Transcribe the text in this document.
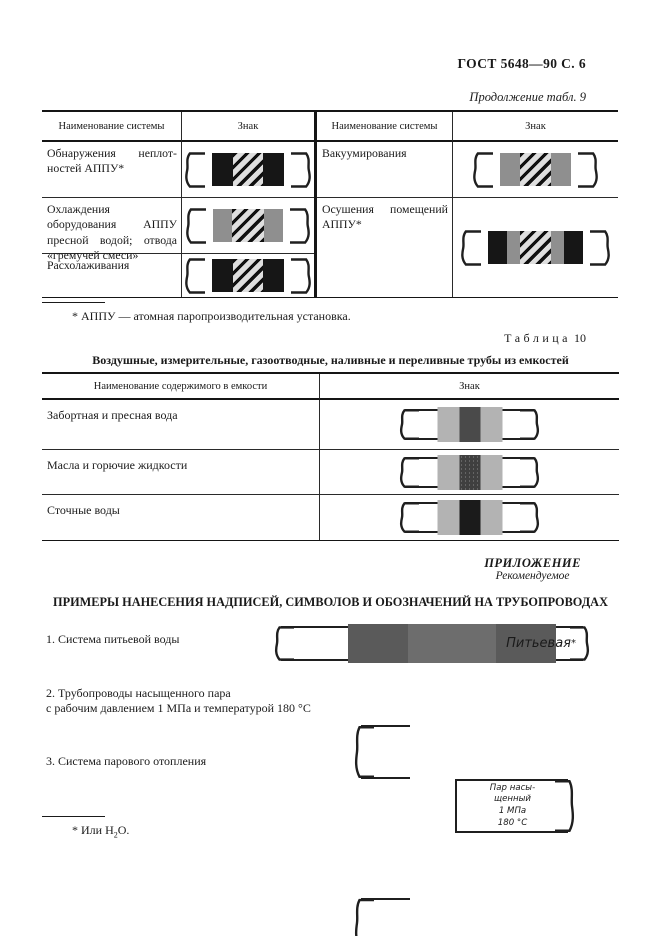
ГОСТ 5648—90 С. 6
Продолжение табл. 9
Наименование системы	Знак
Обнаружения неплот-ностей АППУ*
Охлаждения оборудования АППУ пресной водой; отвода «гремучей смеси»
Расхолаживания
Наименование системы	Знак
Вакуумирования
Осушения помещений АППУ*
* АППУ — атомная паропроизводительная установка.
Таблица 10
Воздушные, измерительные, газоотводные, наливные и переливные трубы из емкостей
Наименование содержимого в емкости	Знак
Забортная и пресная вода
Масла и горючие жидкости
Сточные воды
ПРИЛОЖЕНИЕ
Рекомендуемое
ПРИМЕРЫ НАНЕСЕНИЯ НАДПИСЕЙ, СИМВОЛОВ И ОБОЗНАЧЕНИЙ НА ТРУБОПРОВОДАХ
1. Система питьевой воды	Питьевая *
2. Трубопроводы насыщенного пара
с рабочим давлением 1 МПа и температурой 180 °С
Пар насы-
щенный
1 МПа
180 °С
3. Система парового отопления
* Или $Н_2О$.
